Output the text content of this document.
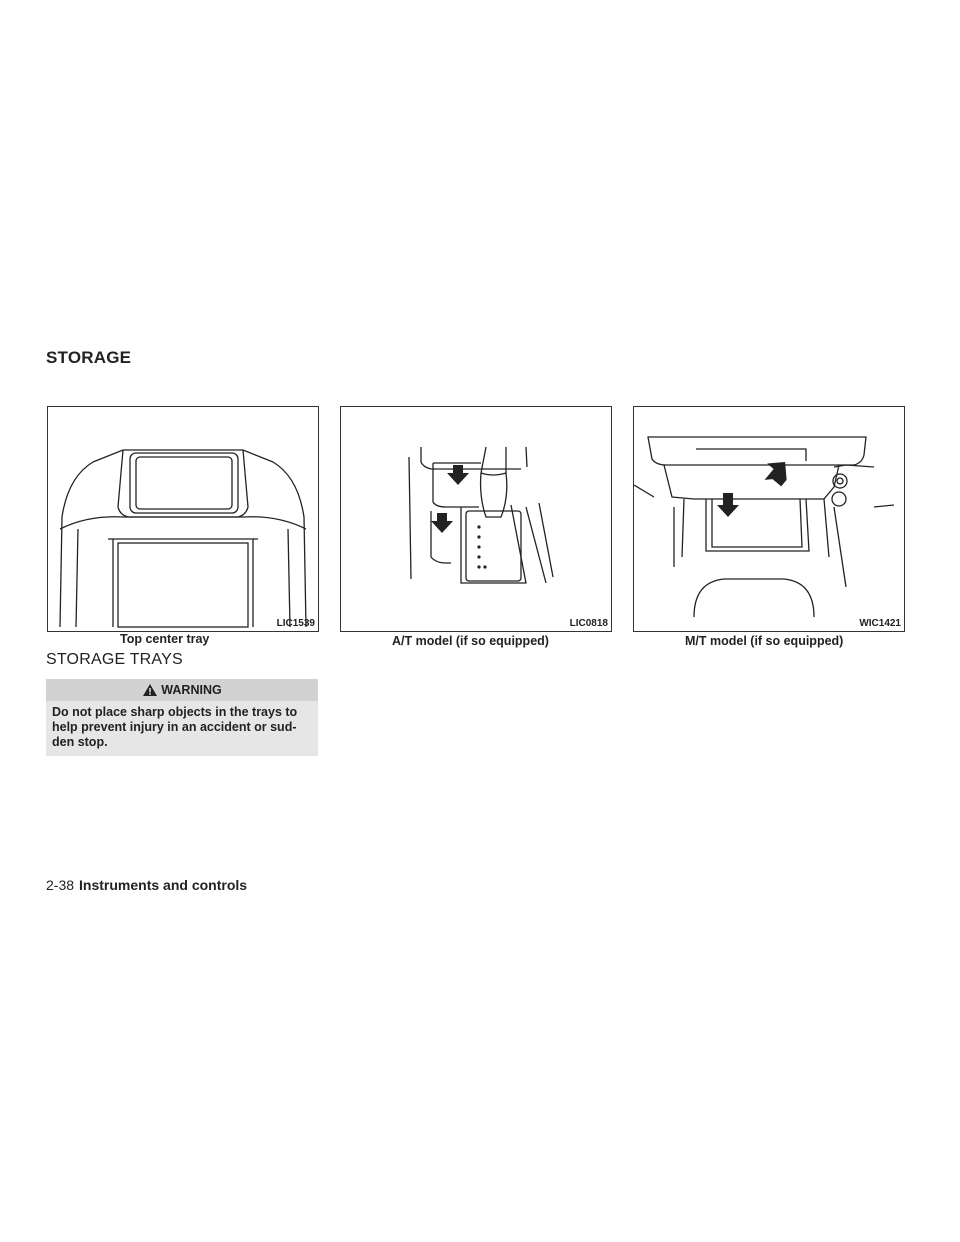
STORAGE
LIC1539	LIC0818	WIC1421
Top center tray	A/T model (if so equipped)	M/T model (if so equipped)
STORAGE TRAYS
WARNING
Do not place sharp objects in the trays to help prevent injury in an accident or sud- den stop.
2-38 Instruments and controls
